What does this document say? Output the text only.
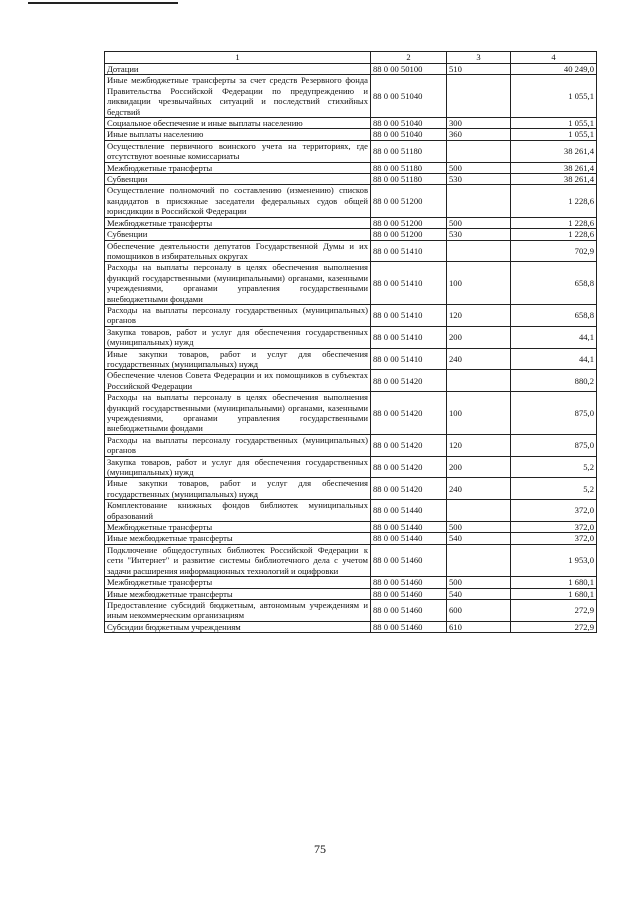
1	2	3	4
Дотации	88 0 00 50100	510	40 249,0
Иные межбюджетные трансферты за счет средств Резервного фонда Правительства Российской Федерации по предупреждению и ликвидации чрезвычайных ситуаций и последствий стихийных бедствий	88 0 00 51040		1 055,1
Социальное обеспечение и иные выплаты населению	88 0 00 51040	300	1 055,1
Иные выплаты населению	88 0 00 51040	360	1 055,1
Осуществление первичного воинского учета на территориях, где отсутствуют военные комиссариаты	88 0 00 51180		38 261,4
Межбюджетные трансферты	88 0 00 51180	500	38 261,4
Субвенции	88 0 00 51180	530	38 261,4
Осуществление полномочий по составлению (изменению) списков кандидатов в присяжные заседатели федеральных судов общей юрисдикции в Российской Федерации	88 0 00 51200		1 228,6
Межбюджетные трансферты	88 0 00 51200	500	1 228,6
Субвенции	88 0 00 51200	530	1 228,6
Обеспечение деятельности депутатов Государственной Думы и их помощников в избирательных округах	88 0 00 51410		702,9
Расходы на выплаты персоналу в целях обеспечения выполнения функций государственными (муниципальными) органами, казенными учреждениями, органами управления государственными внебюджетными фондами	88 0 00 51410	100	658,8
Расходы на выплаты персоналу государственных (муниципальных) органов	88 0 00 51410	120	658,8
Закупка товаров, работ и услуг для обеспечения государственных (муниципальных) нужд	88 0 00 51410	200	44,1
Иные закупки товаров, работ и услуг для обеспечения государственных (муниципальных) нужд	88 0 00 51410	240	44,1
Обеспечение членов Совета Федерации и их помощников в субъектах Российской Федерации	88 0 00 51420		880,2
Расходы на выплаты персоналу в целях обеспечения выполнения функций государственными (муниципальными) органами, казенными учреждениями, органами управления государственными внебюджетными фондами	88 0 00 51420	100	875,0
Расходы на выплаты персоналу государственных (муниципальных) органов	88 0 00 51420	120	875,0
Закупка товаров, работ и услуг для обеспечения государственных (муниципальных) нужд	88 0 00 51420	200	5,2
Иные закупки товаров, работ и услуг для обеспечения государственных (муниципальных) нужд	88 0 00 51420	240	5,2
Комплектование книжных фондов библиотек муниципальных образований	88 0 00 51440		372,0
Межбюджетные трансферты	88 0 00 51440	500	372,0
Иные межбюджетные трансферты	88 0 00 51440	540	372,0
Подключение общедоступных библиотек Российской Федерации к сети "Интернет" и развитие системы библиотечного дела с учетом задачи расширения информационных технологий и оцифровки	88 0 00 51460		1 953,0
Межбюджетные трансферты	88 0 00 51460	500	1 680,1
Иные межбюджетные трансферты	88 0 00 51460	540	1 680,1
Предоставление субсидий бюджетным, автономным учреждениям и иным некоммерческим организациям	88 0 00 51460	600	272,9
Субсидии бюджетным учреждениям	88 0 00 51460	610	272,9
75
